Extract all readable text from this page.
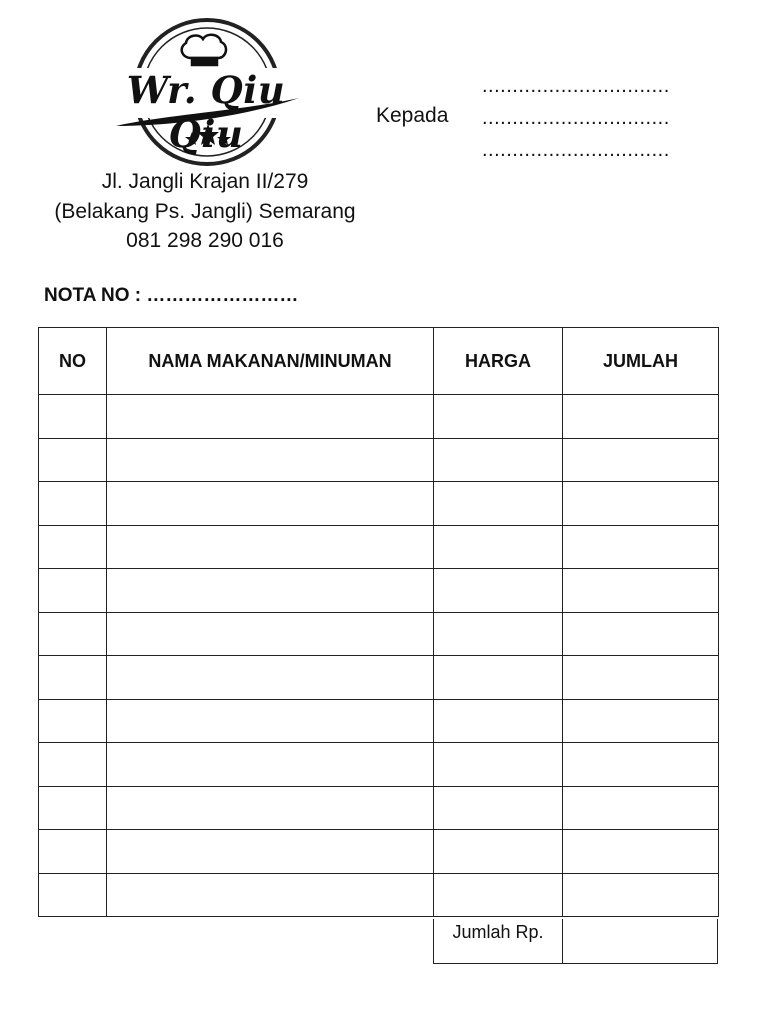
Wr. Qiu Qiu
Jl. Jangli Krajan II/279
(Belakang Ps. Jangli) Semarang
081 298 290 016
Kepada
...............................
...............................
...............................
NOTA NO : ……………………
NO	NAMA MAKANAN/MINUMAN	HARGA	JUMLAH

Jumlah Rp.
